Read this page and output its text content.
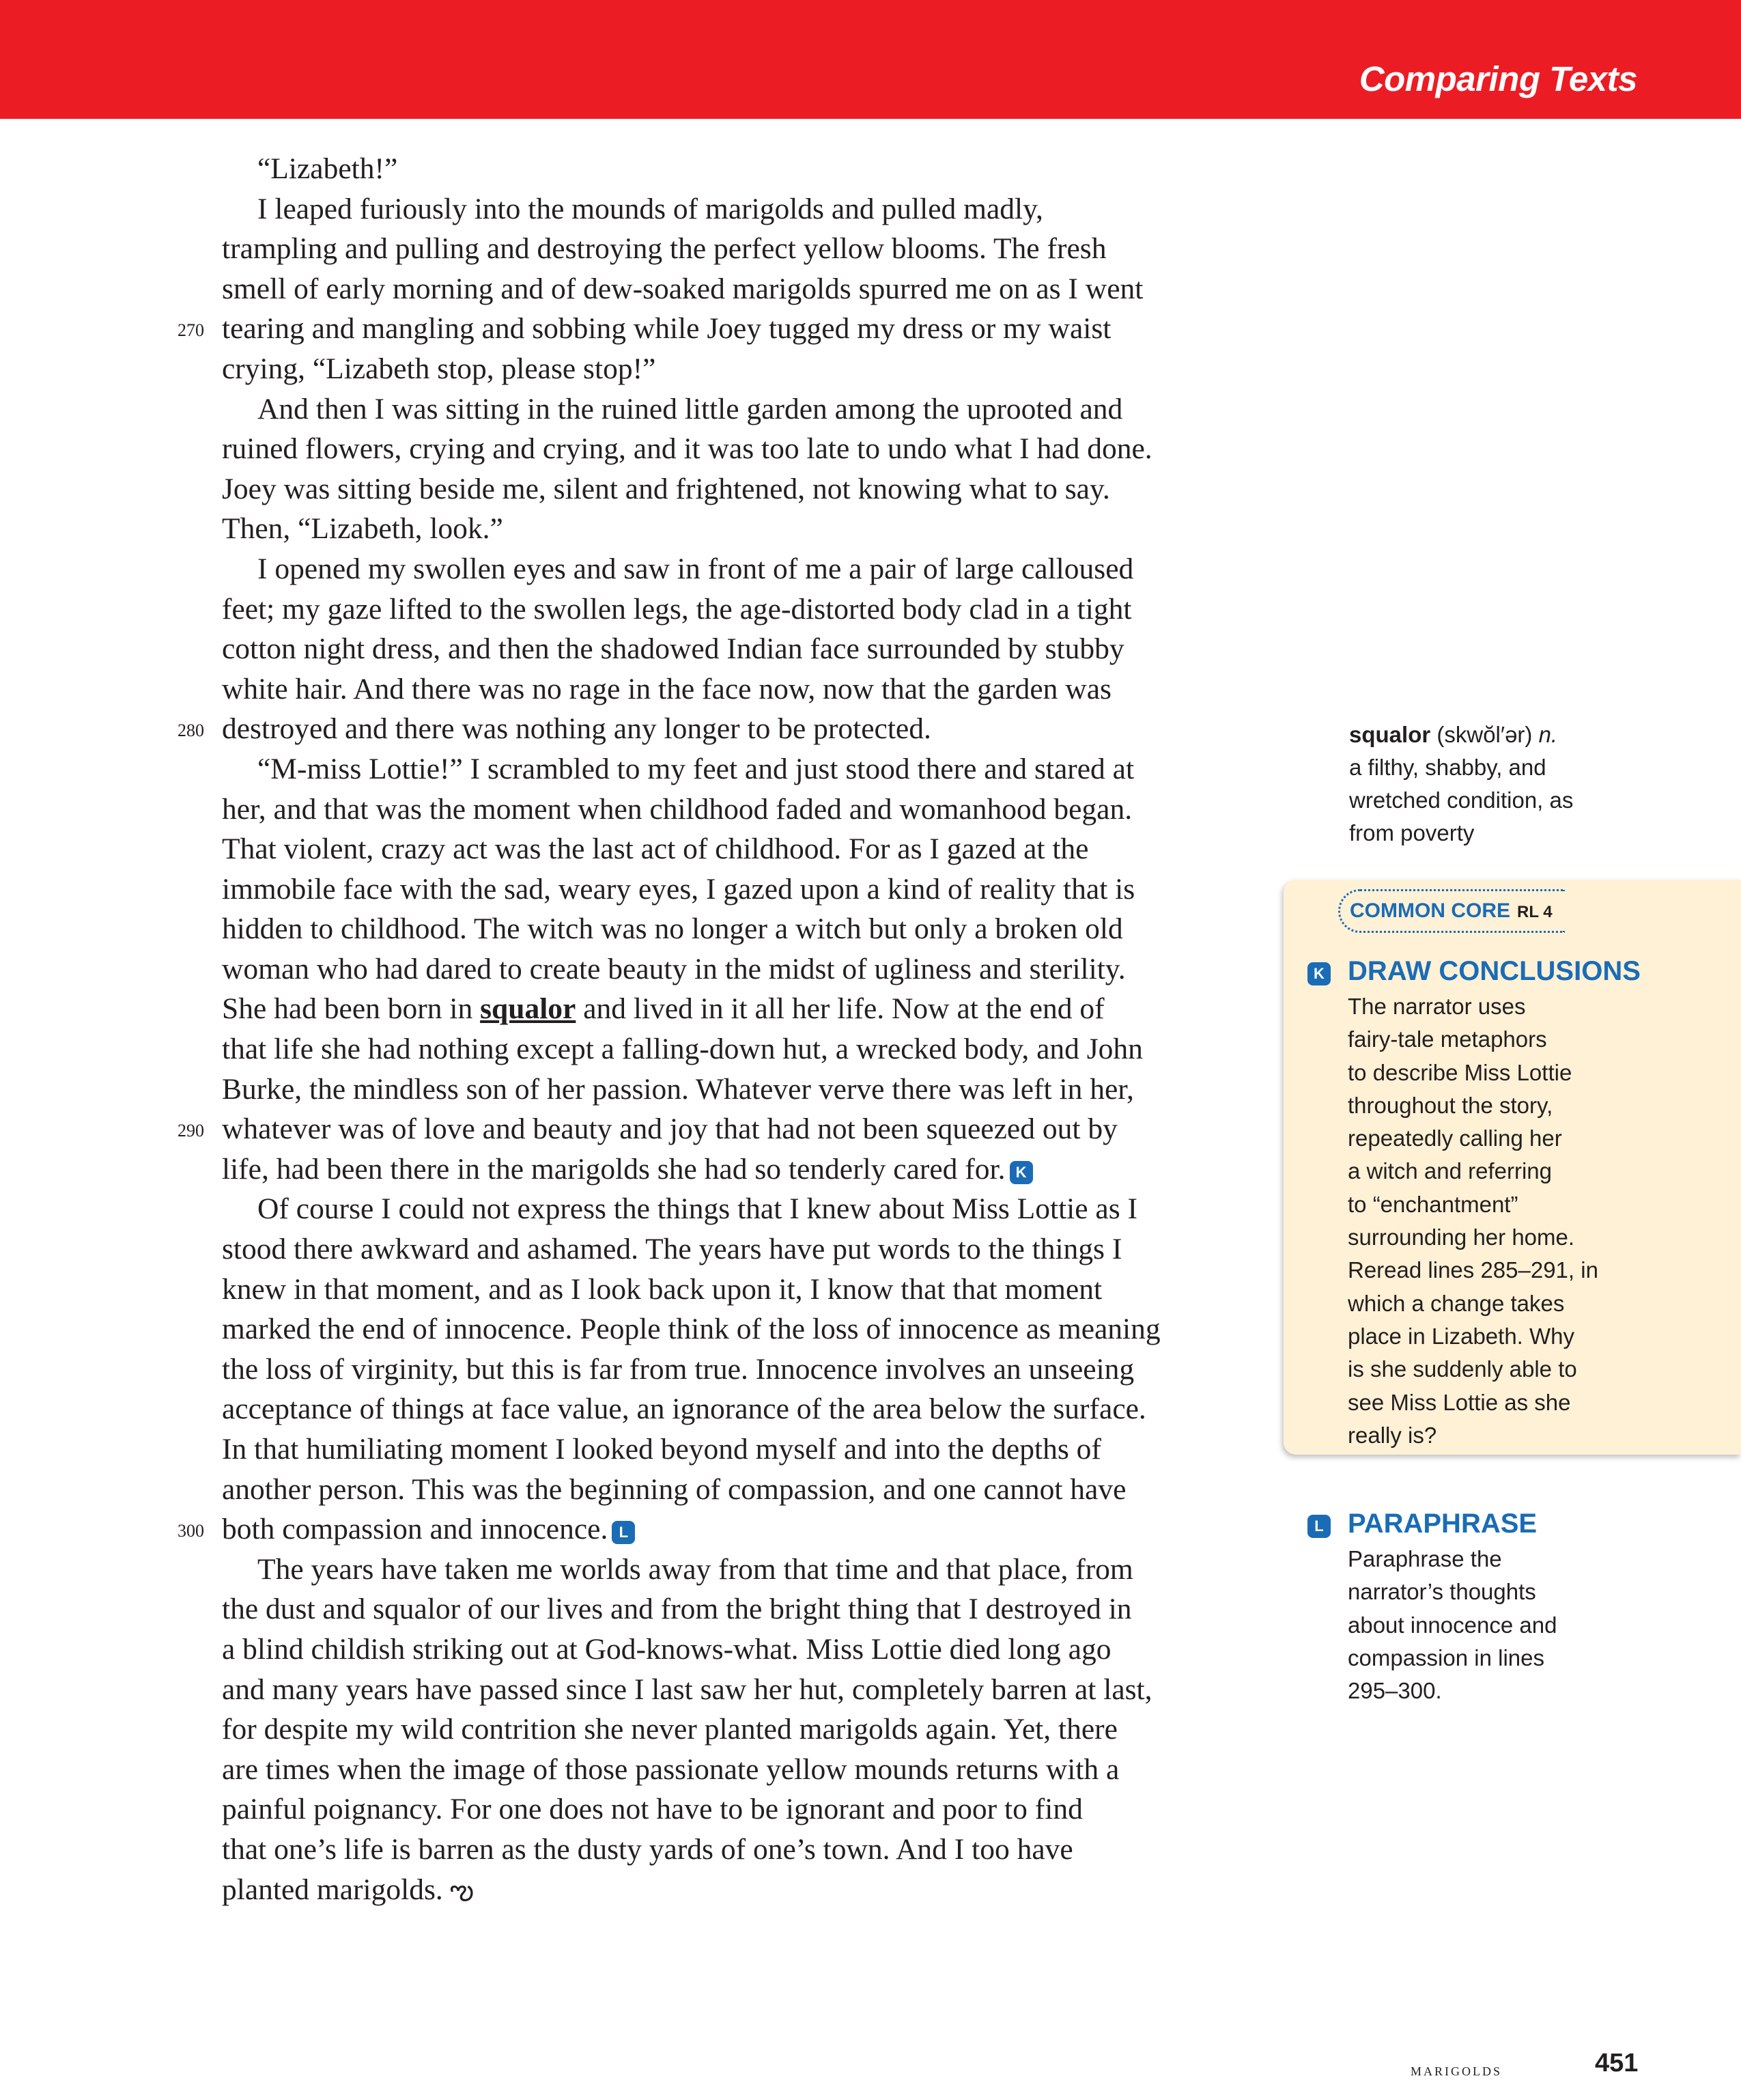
Comparing Texts
“Lizabeth!”
I leaped furiously into the mounds of marigolds and pulled madly,
trampling and pulling and destroying the perfect yellow blooms. The fresh
smell of early morning and of dew-soaked marigolds spurred me on as I went
270 tearing and mangling and sobbing while Joey tugged my dress or my waist
crying, “Lizabeth stop, please stop!”
And then I was sitting in the ruined little garden among the uprooted and
ruined flowers, crying and crying, and it was too late to undo what I had done.
Joey was sitting beside me, silent and frightened, not knowing what to say.
Then, “Lizabeth, look.”
I opened my swollen eyes and saw in front of me a pair of large calloused
feet; my gaze lifted to the swollen legs, the age-distorted body clad in a tight
cotton night dress, and then the shadowed Indian face surrounded by stubby
white hair. And there was no rage in the face now, now that the garden was
280 destroyed and there was nothing any longer to be protected.
“M-miss Lottie!” I scrambled to my feet and just stood there and stared at
her, and that was the moment when childhood faded and womanhood began.
That violent, crazy act was the last act of childhood. For as I gazed at the
immobile face with the sad, weary eyes, I gazed upon a kind of reality that is
hidden to childhood. The witch was no longer a witch but only a broken old
woman who had dared to create beauty in the midst of ugliness and sterility.
She had been born in squalor and lived in it all her life. Now at the end of
that life she had nothing except a falling-down hut, a wrecked body, and John
Burke, the mindless son of her passion. Whatever verve there was left in her,
290 whatever was of love and beauty and joy that had not been squeezed out by
life, had been there in the marigolds she had so tenderly cared for. K
Of course I could not express the things that I knew about Miss Lottie as I
stood there awkward and ashamed. The years have put words to the things I
knew in that moment, and as I look back upon it, I know that that moment
marked the end of innocence. People think of the loss of innocence as meaning
the loss of virginity, but this is far from true. Innocence involves an unseeing
acceptance of things at face value, an ignorance of the area below the surface.
In that humiliating moment I looked beyond myself and into the depths of
another person. This was the beginning of compassion, and one cannot have
300 both compassion and innocence. L
The years have taken me worlds away from that time and that place, from
the dust and squalor of our lives and from the bright thing that I destroyed in
a blind childish striking out at God-knows-what. Miss Lottie died long ago
and many years have passed since I last saw her hut, completely barren at last,
for despite my wild contrition she never planted marigolds again. Yet, there
are times when the image of those passionate yellow mounds returns with a
painful poignancy. For one does not have to be ignorant and poor to find
that one’s life is barren as the dusty yards of one’s town. And I too have
planted marigolds. ఌ
squalor (skwŏl′ər) n.
a filthy, shabby, and
wretched condition, as
from poverty
COMMON CORE RL 4
K DRAW CONCLUSIONS
The narrator uses
fairy-tale metaphors
to describe Miss Lottie
throughout the story,
repeatedly calling her
a witch and referring
to “enchantment”
surrounding her home.
Reread lines 285–291, in
which a change takes
place in Lizabeth. Why
is she suddenly able to
see Miss Lottie as she
really is?
L PARAPHRASE
Paraphrase the
narrator’s thoughts
about innocence and
compassion in lines
295–300.
marigolds	451
